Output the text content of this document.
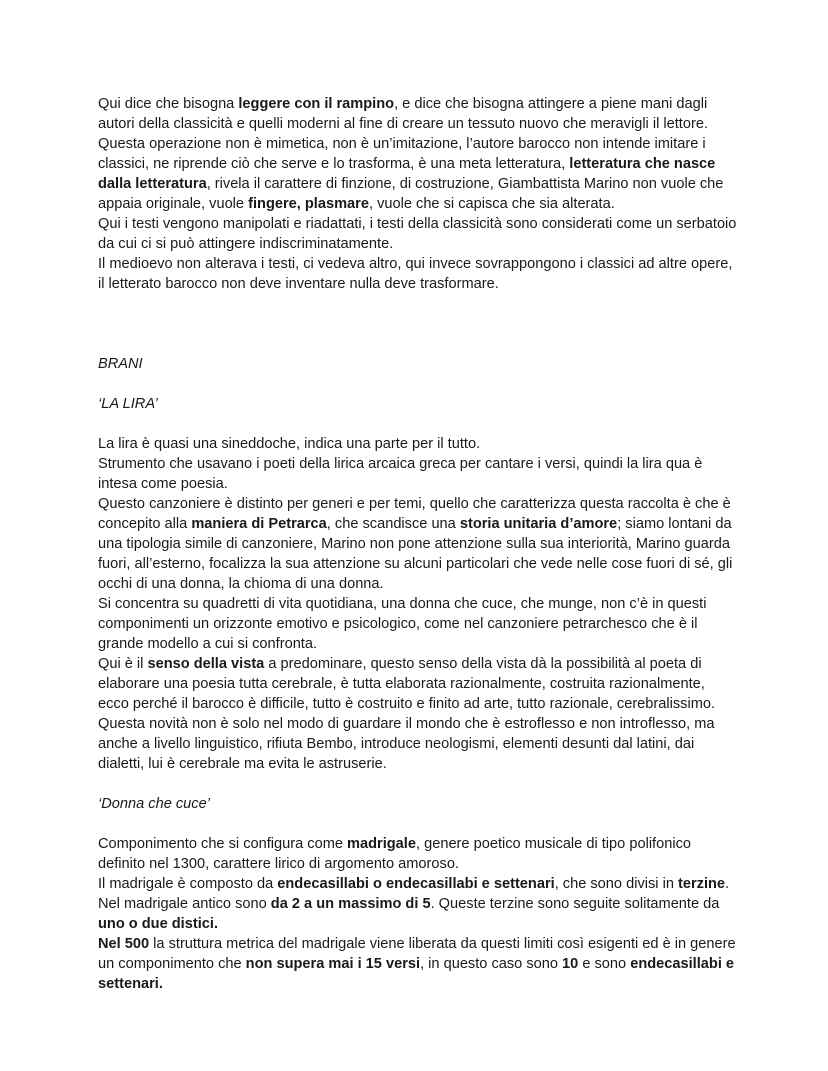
Qui dice che bisogna leggere con il rampino, e dice che bisogna attingere a piene mani dagli autori della classicità e quelli moderni al fine di creare un tessuto nuovo che meravigli il lettore.

Questa operazione non è mimetica, non è un’imitazione, l’autore barocco non intende imitare i classici, ne riprende ciò che serve e lo trasforma, è una meta letteratura, letteratura che nasce dalla letteratura, rivela il carattere di finzione, di costruzione, Giambattista Marino non vuole che appaia originale, vuole fingere, plasmare, vuole che si capisca che sia alterata.

Qui i testi vengono manipolati e riadattati, i testi della classicità sono considerati come un serbatoio da cui ci si può attingere indiscriminatamente.

Il medioevo non alterava i testi, ci vedeva altro, qui invece sovrappongono i classici ad altre opere, il letterato barocco non deve inventare nulla deve trasformare.

BRANI

‘LA LIRA’

La lira è quasi una sineddoche, indica una parte per il tutto.

Strumento che usavano i poeti della lirica arcaica greca per cantare i versi, quindi la lira qua è intesa come poesia.

Questo canzoniere è distinto per generi e per temi, quello che caratterizza questa raccolta è che è concepito alla maniera di Petrarca, che scandisce una storia unitaria d’amore; siamo lontani da una tipologia simile di canzoniere, Marino non pone attenzione sulla sua interiorità, Marino guarda fuori, all’esterno, focalizza la sua attenzione su alcuni particolari che vede nelle cose fuori di sé, gli occhi di una donna, la chioma di una donna.

Si concentra su quadretti di vita quotidiana, una donna che cuce, che munge, non c’è in questi componimenti un orizzonte emotivo e psicologico, come nel canzoniere petrarchesco che è il grande modello a cui si confronta.

Qui è il senso della vista a predominare, questo senso della vista dà la possibilità al poeta di elaborare una poesia tutta cerebrale, è tutta elaborata razionalmente, costruita razionalmente, ecco perché il barocco è difficile, tutto è costruito e finito ad arte, tutto razionale, cerebralissimo.

Questa novità non è solo nel modo di guardare il mondo che è estroflesso e non introflesso, ma anche a livello linguistico, rifiuta Bembo, introduce neologismi, elementi desunti dal latini, dai dialetti, lui è cerebrale ma evita le astruserie.

‘Donna che cuce’

Componimento che si configura come madrigale, genere poetico musicale di tipo polifonico definito nel 1300, carattere lirico di argomento amoroso.

Il madrigale è composto da endecasillabi o endecasillabi e settenari, che sono divisi in terzine. Nel madrigale antico sono da 2 a un massimo di 5. Queste terzine sono seguite solitamente da uno o due distici.

Nel 500 la struttura metrica del madrigale viene liberata da questi limiti così esigenti ed è in genere un componimento che non supera mai i 15 versi, in questo caso sono 10 e sono endecasillabi e settenari.
